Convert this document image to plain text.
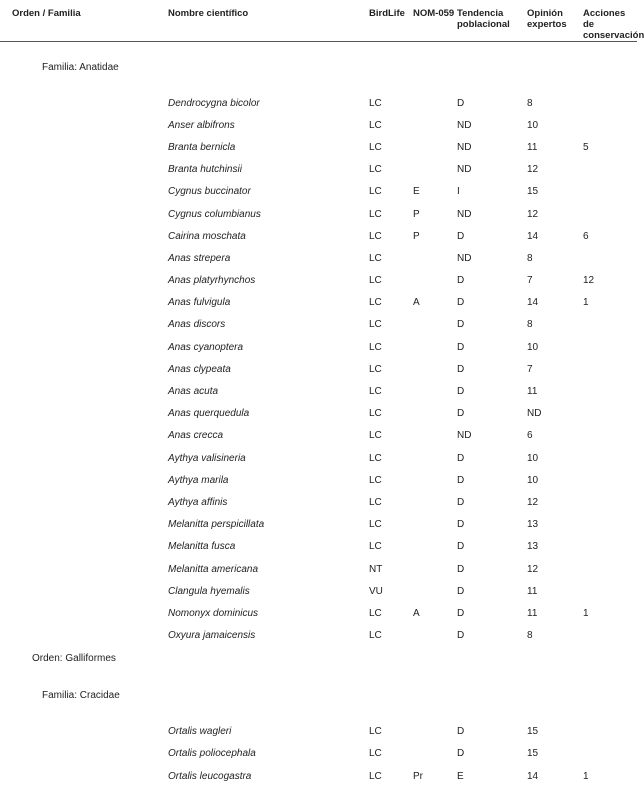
Orden / Familia	Nombre científico	BirdLife	NOM-059	Tendencia poblacional	Opinión expertos	Acciones de conservación

Familia: Anatidae						

	Dendrocygna bicolor	LC		D	8	
	Anser albifrons	LC		ND	10	
	Branta bernicla	LC		ND	11	5
	Branta hutchinsii	LC		ND	12	
	Cygnus buccinator	LC	E	I	15	
	Cygnus columbianus	LC	P	ND	12	
	Cairina moschata	LC	P	D	14	6
	Anas strepera	LC		ND	8	
	Anas platyrhynchos	LC		D	7	12
	Anas fulvigula	LC	A	D	14	1
	Anas discors	LC		D	8	
	Anas cyanoptera	LC		D	10	
	Anas clypeata	LC		D	7	
	Anas acuta	LC		D	11	
	Anas querquedula	LC		D	ND	
	Anas crecca	LC		ND	6	
	Aythya valisineria	LC		D	10	
	Aythya marila	LC		D	10	
	Aythya affinis	LC		D	12	
	Melanitta perspicillata	LC		D	13	
	Melanitta fusca	LC		D	13	
	Melanitta americana	NT		D	12	
	Clangula hyemalis	VU		D	11	
	Nomonyx dominicus	LC	A	D	11	1
	Oxyura jamaicensis	LC		D	8	
Orden: Galliformes						

Familia: Cracidae						

	Ortalis wagleri	LC		D	15	
	Ortalis poliocephala	LC		D	15	
	Ortalis leucogastra	LC	Pr	E	14	1
